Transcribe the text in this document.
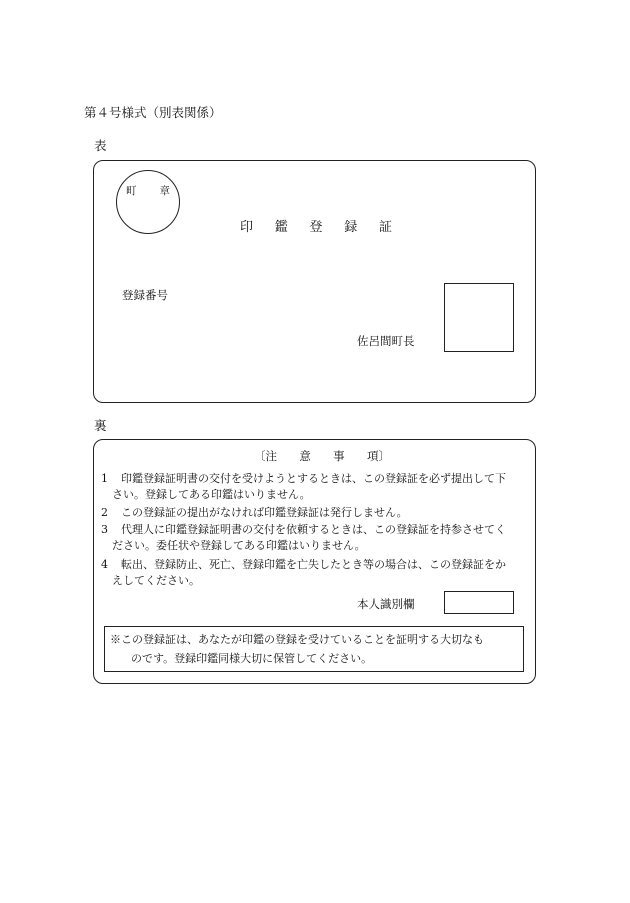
第４号様式（別表関係）
表
町 章
印 鑑 登 録 証
登録番号
佐呂間町長
裏
〔注 意 事 項〕
1 印鑑登録証明書の交付を受けようとするときは、この登録証を必ず提出して下
さい。登録してある印鑑はいりません。
2 この登録証の提出がなければ印鑑登録証は発行しません。
3 代理人に印鑑登録証明書の交付を依頼するときは、この登録証を持参させてく
ださい。委任状や登録してある印鑑はいりません。
4 転出、登録防止、死亡、登録印鑑を亡失したとき等の場合は、この登録証をか
えしてください。
本人識別欄
※この登録証は、あなたが印鑑の登録を受けていることを証明する大切なも
のです。登録印鑑同様大切に保管してください。
